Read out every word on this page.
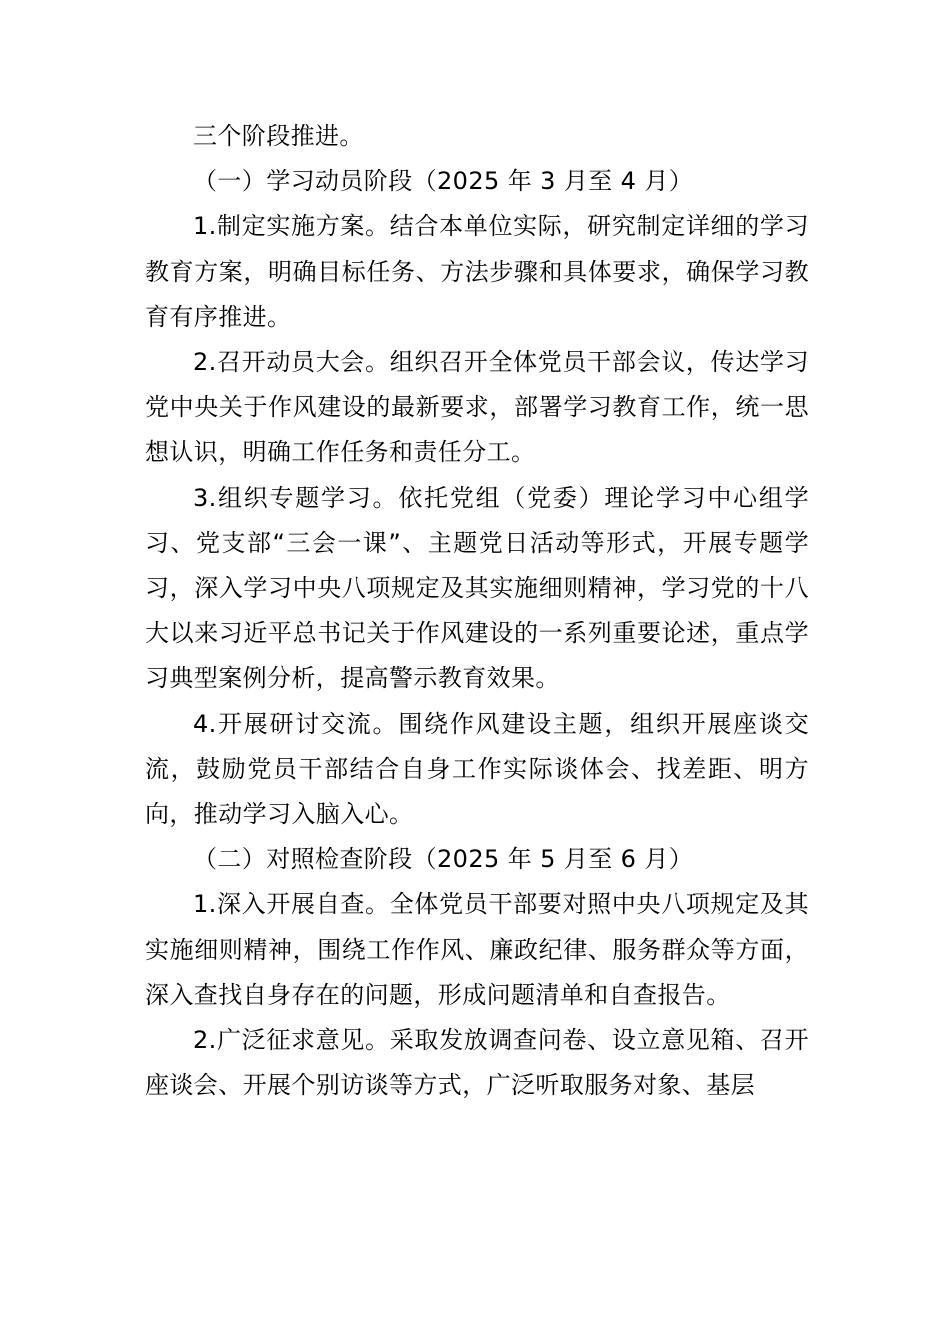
三个阶段推进。

（一）学习动员阶段（2025 年 3 月至 4 月）

1.制定实施方案。结合本单位实际，研究制定详细的学习教育方案，明确目标任务、方法步骤和具体要求，确保学习教育有序推进。

2.召开动员大会。组织召开全体党员干部会议，传达学习党中央关于作风建设的最新要求，部署学习教育工作，统一思想认识，明确工作任务和责任分工。

3.组织专题学习。依托党组（党委）理论学习中心组学习、党支部“三会一课”、主题党日活动等形式，开展专题学习，深入学习中央八项规定及其实施细则精神，学习党的十八大以来习近平总书记关于作风建设的一系列重要论述，重点学习典型案例分析，提高警示教育效果。

4.开展研讨交流。围绕作风建设主题，组织开展座谈交流，鼓励党员干部结合自身工作实际谈体会、找差距、明方向，推动学习入脑入心。

（二）对照检查阶段（2025 年 5 月至 6 月）

1.深入开展自查。全体党员干部要对照中央八项规定及其实施细则精神，围绕工作作风、廉政纪律、服务群众等方面，深入查找自身存在的问题，形成问题清单和自查报告。

2.广泛征求意见。采取发放调查问卷、设立意见箱、召开座谈会、开展个别访谈等方式，广泛听取服务对象、基层
